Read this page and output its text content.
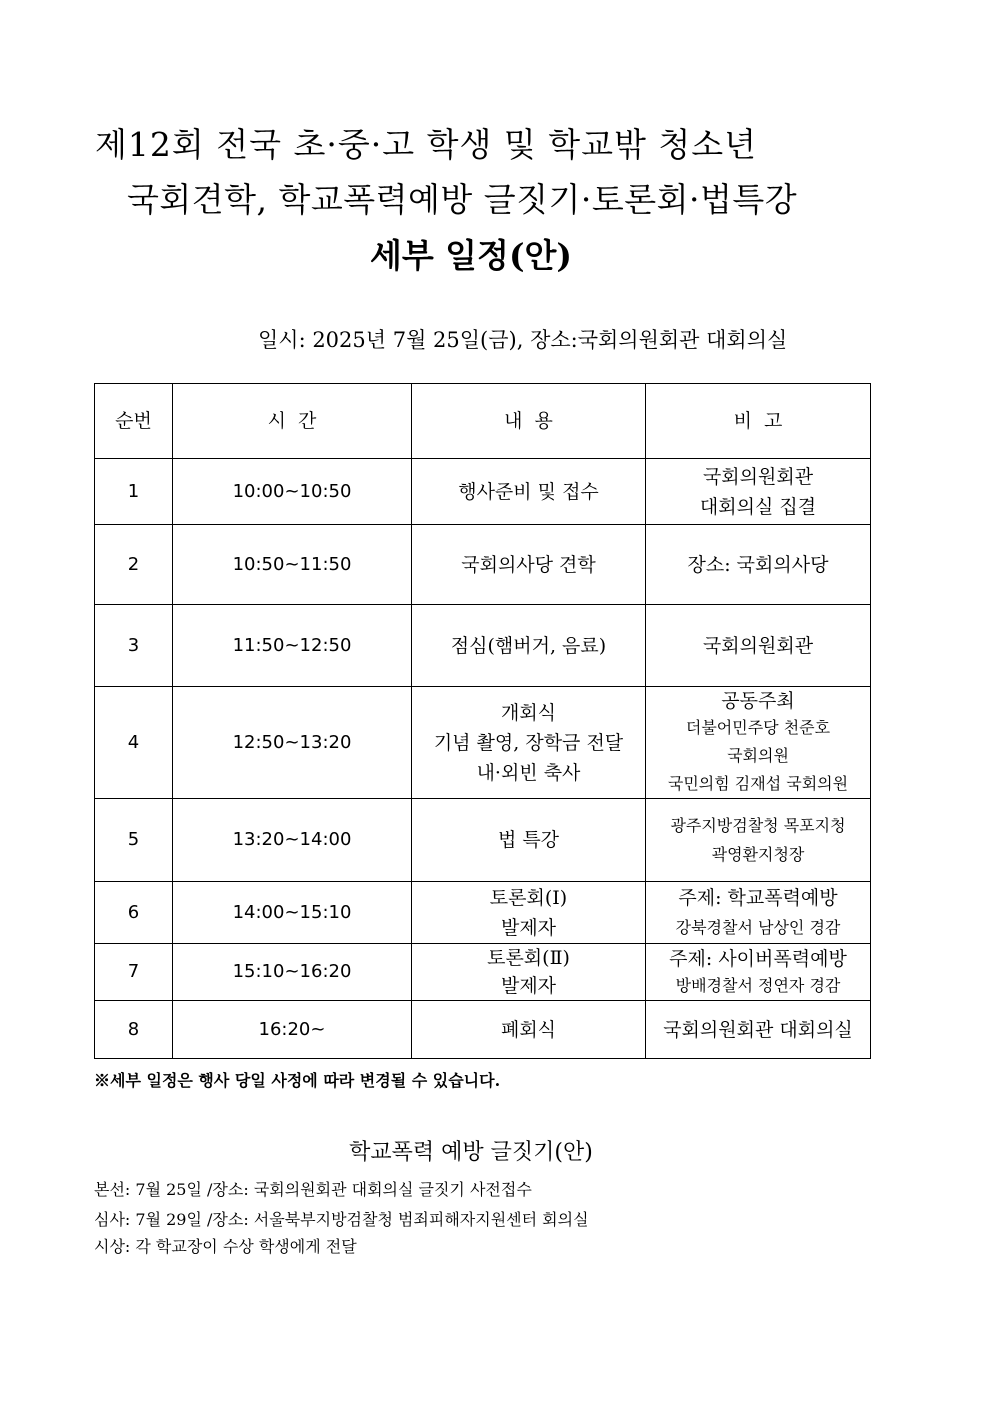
제12회 전국 초·중·고 학생 및 학교밖 청소년
국회견학, 학교폭력예방 글짓기·토론회·법특강
세부 일정(안)
일시: 2025년 7월 25일(금), 장소:국회의원회관 대회의실
순번	시  간	내  용	비  고
1	10:00~10:50	행사준비 및 접수	국회의원회관
대회의실 집결

2	10:50~11:50	국회의사당 견학	장소: 국회의사당

3	11:50~12:50	점심(햄버거, 음료)	국회의원회관

4	12:50~13:20	개회식
기념 촬영, 장학금 전달
내·외빈 축사	공동주최
더불어민주당 천준호
국회의원
국민의힘 김재섭 국회의원

5	13:20~14:00	법 특강	광주지방검찰청 목포지청
곽영환지청장

6	14:00~15:10	토론회(Ⅰ)
발제자	주제: 학교폭력예방
강북경찰서 남상인 경감

7	15:10~16:20	토론회(Ⅱ)
발제자	주제: 사이버폭력예방
방배경찰서 정연자 경감

8	16:20~	폐회식	국회의원회관 대회의실
※세부 일정은 행사 당일 사정에 따라 변경될 수 있습니다.
학교폭력 예방 글짓기(안)
본선: 7월 25일 /장소: 국회의원회관 대회의실 글짓기 사전접수
심사: 7월 29일 /장소: 서울북부지방검찰청 범죄피해자지원센터 회의실
시상: 각 학교장이 수상 학생에게 전달
